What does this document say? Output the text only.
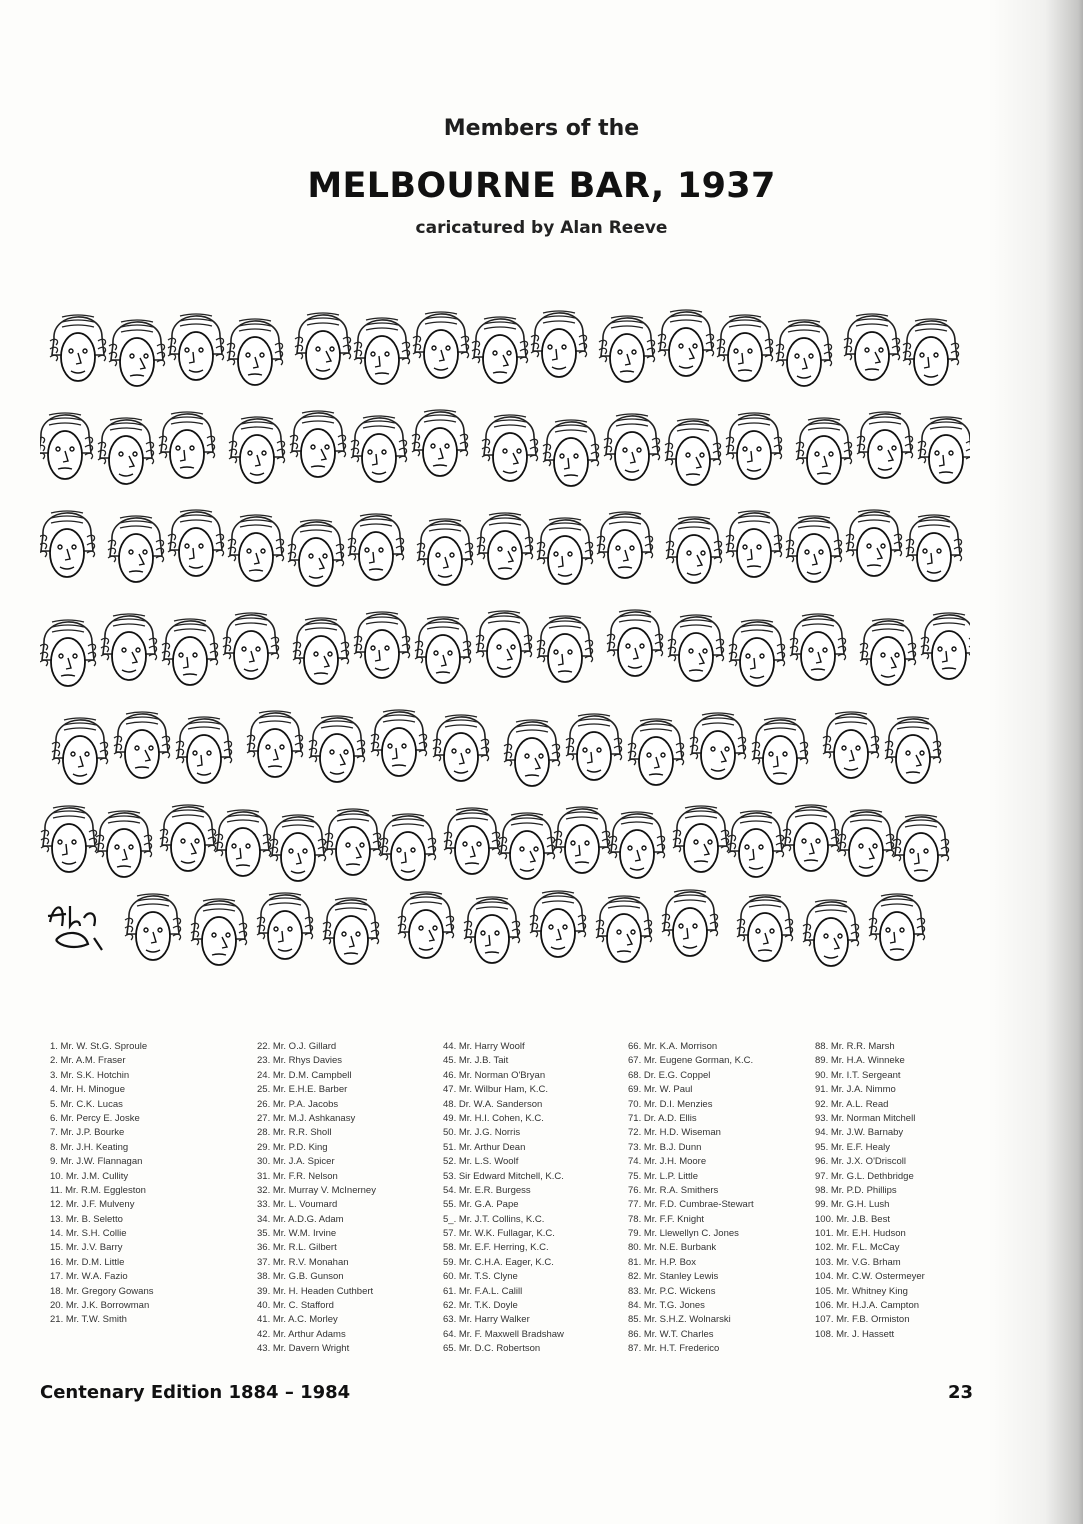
Members of the
MELBOURNE BAR, 1937
caricatured by Alan Reeve
1. Mr. W. St.G. Sproule
2. Mr. A.M. Fraser
3. Mr. S.K. Hotchin
4. Mr. H. Minogue
5. Mr. C.K. Lucas
6. Mr. Percy E. Joske
7. Mr. J.P. Bourke
8. Mr. J.H. Keating
9. Mr. J.W. Flannagan
10. Mr. J.M. Cullity
11. Mr. R.M. Eggleston
12. Mr. J.F. Mulveny
13. Mr. B. Seletto
14. Mr. S.H. Collie
15. Mr. J.V. Barry
16. Mr. D.M. Little
17. Mr. W.A. Fazio
18. Mr. Gregory Gowans
20. Mr. J.K. Borrowman
21. Mr. T.W. Smith
22. Mr. O.J. Gillard
23. Mr. Rhys Davies
24. Mr. D.M. Campbell
25. Mr. E.H.E. Barber
26. Mr. P.A. Jacobs
27. Mr. M.J. Ashkanasy
28. Mr. R.R. Sholl
29. Mr. P.D. King
30. Mr. J.A. Spicer
31. Mr. F.R. Nelson
32. Mr. Murray V. McInerney
33. Mr. L. Voumard
34. Mr. A.D.G. Adam
35. Mr. W.M. Irvine
36. Mr. R.L. Gilbert
37. Mr. R.V. Monahan
38. Mr. G.B. Gunson
39. Mr. H. Headen Cuthbert
40. Mr. C. Stafford
41. Mr. A.C. Morley
42. Mr. Arthur Adams
43. Mr. Davern Wright
44. Mr. Harry Woolf
45. Mr. J.B. Tait
46. Mr. Norman O'Bryan
47. Mr. Wilbur Ham, K.C.
48. Dr. W.A. Sanderson
49. Mr. H.I. Cohen, K.C.
50. Mr. J.G. Norris
51. Mr. Arthur Dean
52. Mr. L.S. Woolf
53. Sir Edward Mitchell, K.C.
54. Mr. E.R. Burgess
55. Mr. G.A. Pape
5_. Mr. J.T. Collins, K.C.
57. Mr. W.K. Fullagar, K.C.
58. Mr. E.F. Herring, K.C.
59. Mr. C.H.A. Eager, K.C.
60. Mr. T.S. Clyne
61. Mr. F.A.L. Calill
62. Mr. T.K. Doyle
63. Mr. Harry Walker
64. Mr. F. Maxwell Bradshaw
65. Mr. D.C. Robertson
66. Mr. K.A. Morrison
67. Mr. Eugene Gorman, K.C.
68. Dr. E.G. Coppel
69. Mr. W. Paul
70. Mr. D.I. Menzies
71. Dr. A.D. Ellis
72. Mr. H.D. Wiseman
73. Mr. B.J. Dunn
74. Mr. J.H. Moore
75. Mr. L.P. Little
76. Mr. R.A. Smithers
77. Mr. F.D. Cumbrae-Stewart
78. Mr. F.F. Knight
79. Mr. Llewellyn C. Jones
80. Mr. N.E. Burbank
81. Mr. H.P. Box
82. Mr. Stanley Lewis
83. Mr. P.C. Wickens
84. Mr. T.G. Jones
85. Mr. S.H.Z. Wolnarski
86. Mr. W.T. Charles
87. Mr. H.T. Frederico
88. Mr. R.R. Marsh
89. Mr. H.A. Winneke
90. Mr. I.T. Sergeant
91. Mr. J.A. Nimmo
92. Mr. A.L. Read
93. Mr. Norman Mitchell
94. Mr. J.W. Barnaby
95. Mr. E.F. Healy
96. Mr. J.X. O'Driscoll
97. Mr. G.L. Dethbridge
98. Mr. P.D. Phillips
99. Mr. G.H. Lush
100. Mr. J.B. Best
101. Mr. E.H. Hudson
102. Mr. F.L. McCay
103. Mr. V.G. Brham
104. Mr. C.W. Ostermeyer
105. Mr. Whitney King
106. Mr. H.J.A. Campton
107. Mr. F.B. Ormiston
108. Mr. J. Hassett
Centenary Edition 1884 – 1984	23
